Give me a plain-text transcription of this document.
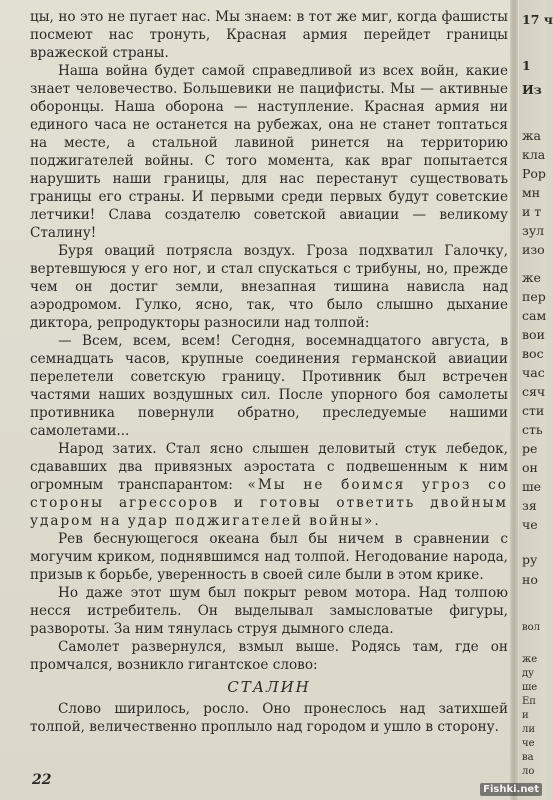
цы, но это не пугает нас. Мы знаем: в тот же миг, когда фашисты посмеют нас тронуть, Красная армия перейдет границы вражеской страны.

Наша война будет самой справедливой из всех войн, какие знает человечество. Большевики не пацифисты. Мы — активные оборонцы. Наша оборона — наступление. Красная армия ни единого часа не останется на рубежах, она не станет топтаться на месте, а стальной лавиной ринется на территорию поджигателей войны. С того момента, как враг попытается нарушить наши границы, для нас перестанут существовать границы его страны. И первыми среди первых будут советские летчики! Слава создателю советской авиации — великому Сталину!

Буря оваций потрясла воздух. Гроза подхватил Галочку, вертевшуюся у его ног, и стал спускаться с трибуны, но, прежде чем он достиг земли, внезапная тишина нависла над аэродромом. Гулко, ясно, так, что было слышно дыхание диктора, репродукторы разносили над толпой:

— Всем, всем, всем! Сегодня, восемнадцатого августа, в семнадцать часов, крупные соединения германской авиации перелетели советскую границу. Противник был встречен частями наших воздушных сил. После упорного боя самолеты противника повернули обратно, преследуемые нашими самолетами...

Народ затих. Стал ясно слышен деловитый стук лебедок, сдававших два привязных аэростата с подвешенным к ним огромным транспарантом: «Мы не боимся угроз со стороны агрессоров и готовы ответить двойным ударом на удар поджигателей войны».

Рев беснующегося океана был бы ничем в сравнении с могучим криком, поднявшимся над толпой. Негодование народа, призыв к борьбе, уверенность в своей силе были в этом крике.

Но даже этот шум был покрыт ревом мотора. Над толпою несся истребитель. Он выделывал замысловатые фигуры, развороты. За ним тянулась струя дымного следа.

Самолет развернулся, взмыл выше. Родясь там, где он промчался, возникло гигантское слово:

СТАЛИН

Слово ширилось, росло. Оно пронеслось над затихшей толпой, величественно проплыло над городом и ушло в сторону.

22
17 ч
1
Из
жа
кла
Рор
мн
и т
зул
изо
же
пер
сам
вои
вос
час
сяч
сти
сть
ре
он
ше
зя
че
ру
но
вол
же
ду
ше
Еп
и
ли
че
ва
ло
Fishki.net
